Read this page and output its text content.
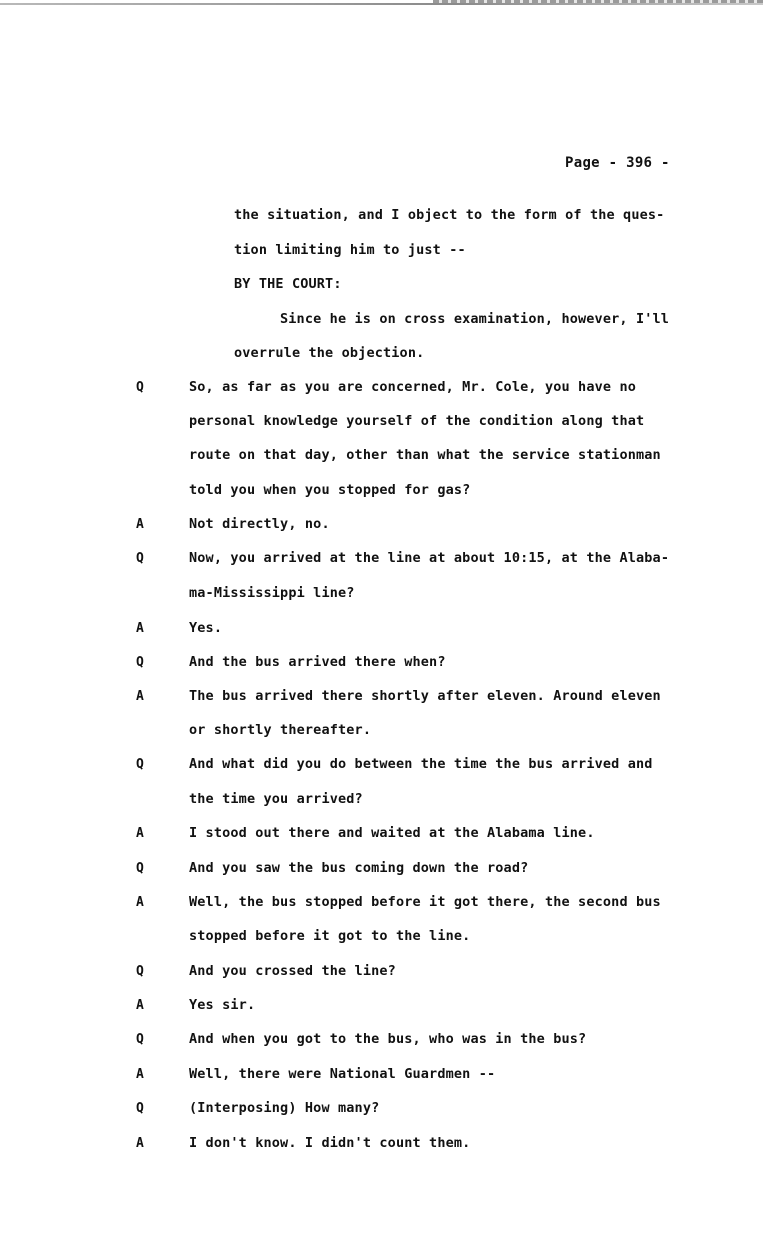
Page - 396 -
the situation, and I object to the form of the ques-
tion limiting him to just --
BY THE COURT:
Since he is on cross examination, however, I'll
overrule the objection.
Q	So, as far as you are concerned, Mr. Cole, you have no
personal knowledge yourself of the condition along that
route on that day, other than what the service stationman
told you when you stopped for gas?
A	Not directly, no.
Q	Now, you arrived at the line at about 10:15, at the Alaba-
ma-Mississippi line?
A	Yes.
Q	And the bus arrived there when?
A	The bus arrived there shortly after eleven. Around eleven
or shortly thereafter.
Q	And what did you do between the time the bus arrived and
the time you arrived?
A	I stood out there and waited at the Alabama line.
Q	And you saw the bus coming down the road?
A	Well, the bus stopped before it got there, the second bus
stopped before it got to the line.
Q	And you crossed the line?
A	Yes sir.
Q	And when you got to the bus, who was in the bus?
A	Well, there were National Guardmen --
Q	(Interposing) How many?
A	I don't know. I didn't count them.
